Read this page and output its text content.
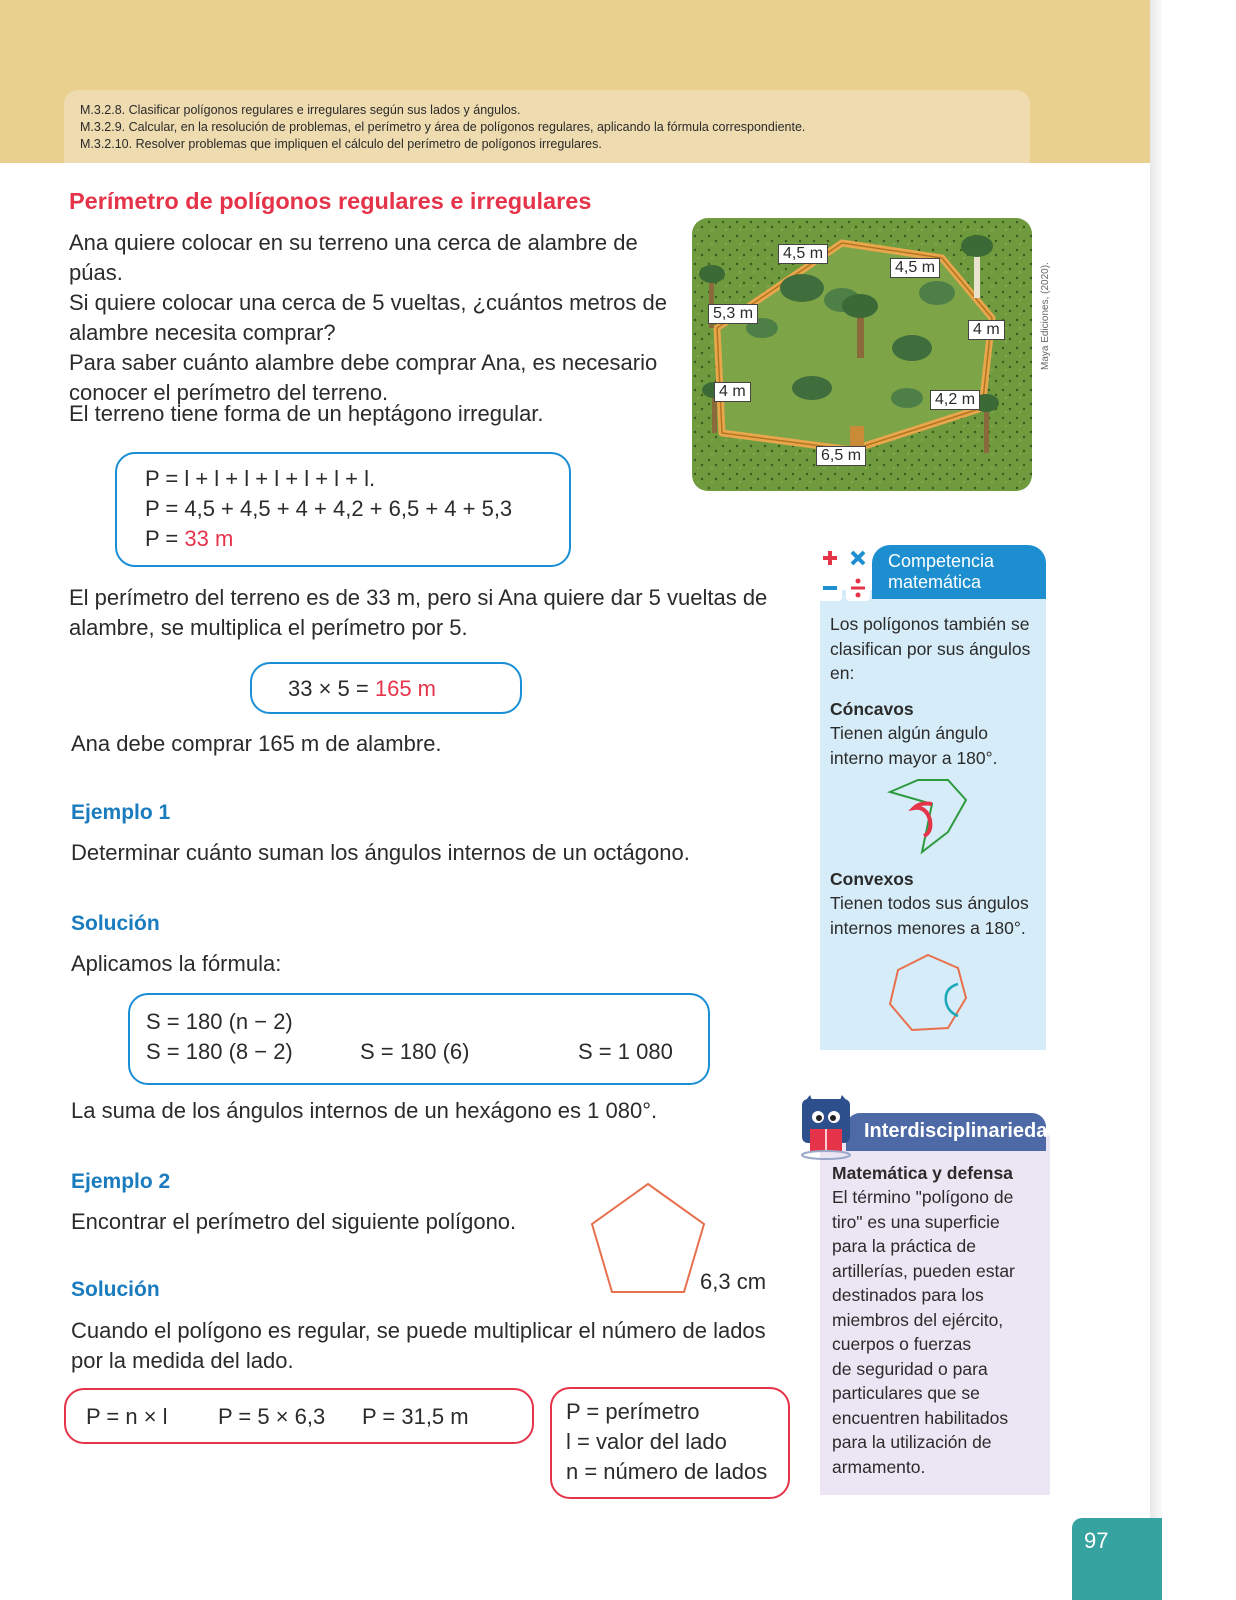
M.3.2.8. Clasificar polígonos regulares e irregulares según sus lados y ángulos.
M.3.2.9. Calcular, en la resolución de problemas, el perímetro y área de polígonos regulares, aplicando la fórmula correspondiente.
M.3.2.10. Resolver problemas que impliquen el cálculo del perímetro de polígonos irregulares.
Perímetro de polígonos regulares e irregulares
Ana quiere colocar en su terreno una cerca de alambre de púas.
Si quiere colocar una cerca de 5 vueltas, ¿cuántos metros de
alambre necesita comprar?
Para saber cuánto alambre debe comprar Ana, es necesario
conocer el perímetro del terreno.
El terreno tiene forma de un heptágono irregular.
P = l + l + l + l + l + l + l.
P = 4,5 + 4,5 + 4 + 4,2 + 6,5 + 4 + 5,3
P = 33 m
4,5 m
4,5 m
5,3 m
4 m
4 m	4,2 m
6,5 m
Maya Ediciones, (2020).
El perímetro del terreno es de 33 m, pero si Ana quiere dar 5 vueltas de
alambre, se multiplica el perímetro por 5.
33 × 5 = 165 m
Ana debe comprar 165 m de alambre.
Ejemplo 1
Determinar cuánto suman los ángulos internos de un octágono.
Solución
Aplicamos la fórmula:
S = 180 (n − 2)
S = 180 (8 − 2)	S = 180 (6)	S = 1 080
La suma de los ángulos internos de un hexágono es 1 080°.
Ejemplo 2
Encontrar el perímetro del siguiente polígono.
6,3 cm
Solución
Cuando el polígono es regular, se puede multiplicar el número de lados
por la medida del lado.
P = n × l P = 5 × 6,3 P = 31,5 m	P = perímetro
l = valor del lado
n = número de lados
Competencia
matemática
Los polígonos también se
clasifican por sus ángulos
en:
Cóncavos
Tienen algún ángulo
interno mayor a 180°.
Convexos
Tienen todos sus ángulos
internos menores a 180°.
Interdisciplinariedad
Matemática y defensa
El término "polígono de
tiro" es una superficie
para la práctica de
artillerías, pueden estar
destinados para los
miembros del ejército,
cuerpos o fuerzas
de seguridad o para
particulares que se
encuentren habilitados
para la utilización de
armamento.
97
